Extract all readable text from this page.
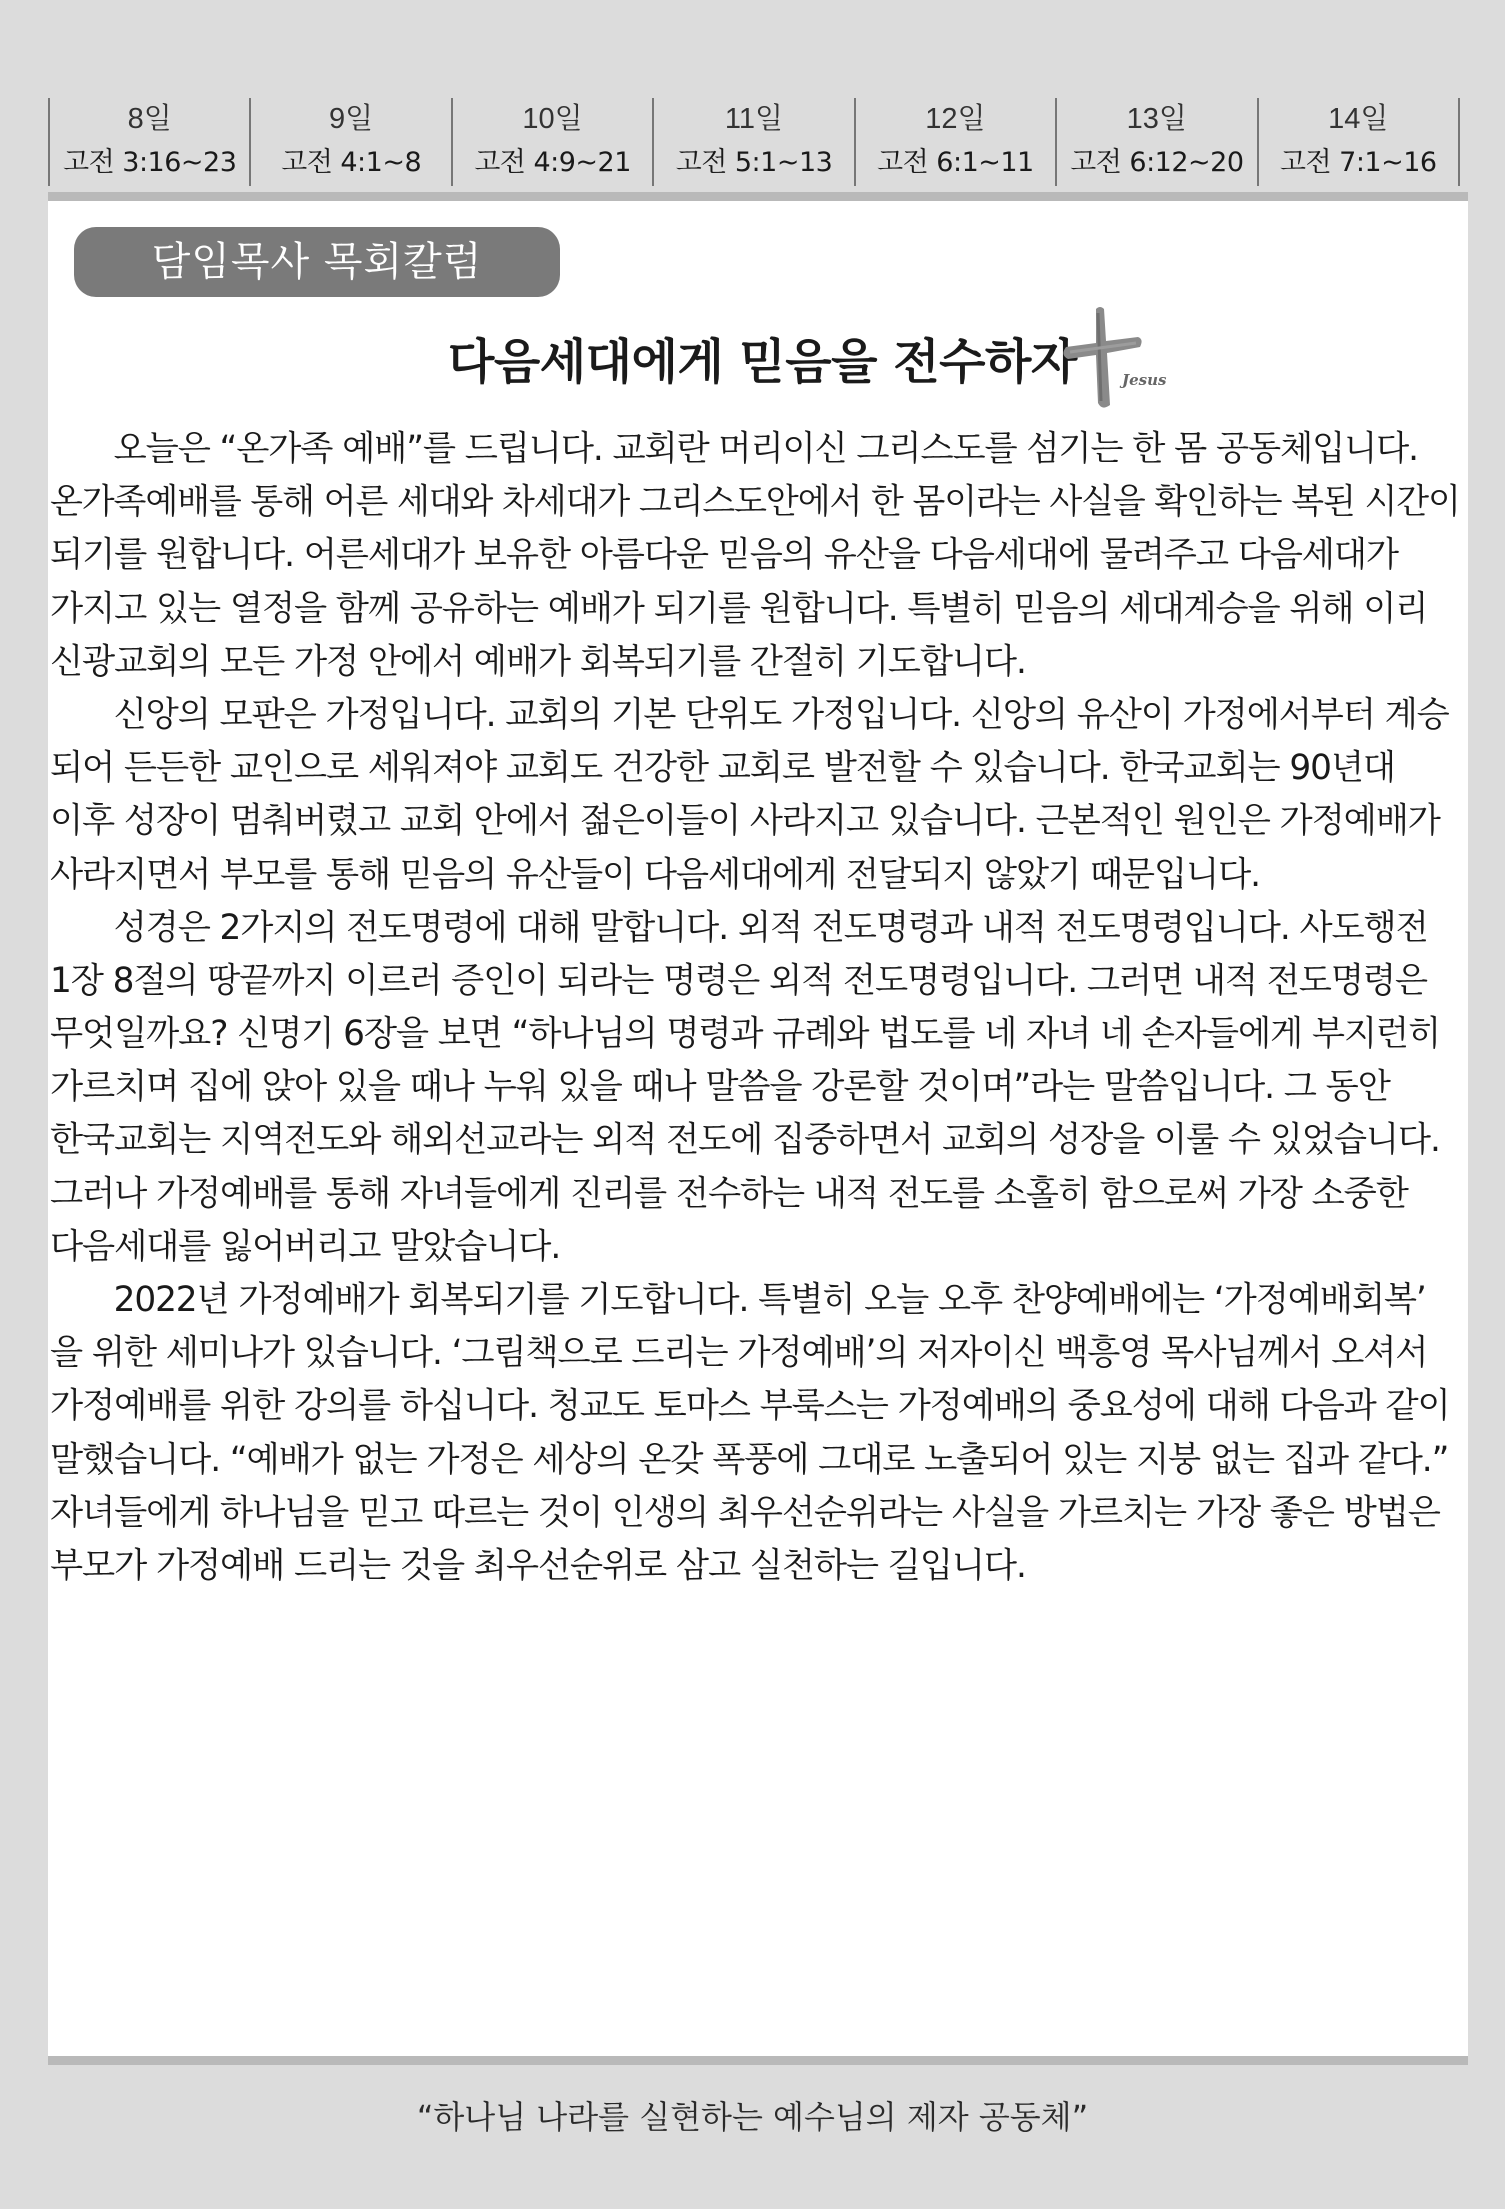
8일
고전 3:16~23
9일
고전 4:1~8
10일
고전 4:9~21
11일
고전 5:1~13
12일
고전 6:1~11
13일
고전 6:12~20
14일
고전 7:1~16
담임목사 목회칼럼
다음세대에게 믿음을 전수하자	Jesus
오늘은 “온가족 예배”를 드립니다. 교회란 머리이신 그리스도를 섬기는 한 몸 공동체입니다.
온가족예배를 통해 어른 세대와 차세대가 그리스도안에서 한 몸이라는 사실을 확인하는 복된 시간이
되기를 원합니다. 어른세대가 보유한 아름다운 믿음의 유산을 다음세대에 물려주고 다음세대가
가지고 있는 열정을 함께 공유하는 예배가 되기를 원합니다. 특별히 믿음의 세대계승을 위해 이리
신광교회의 모든 가정 안에서 예배가 회복되기를 간절히 기도합니다.
신앙의 모판은 가정입니다. 교회의 기본 단위도 가정입니다. 신앙의 유산이 가정에서부터 계승
되어 든든한 교인으로 세워져야 교회도 건강한 교회로 발전할 수 있습니다. 한국교회는 90년대
이후 성장이 멈춰버렸고 교회 안에서 젊은이들이 사라지고 있습니다. 근본적인 원인은 가정예배가
사라지면서 부모를 통해 믿음의 유산들이 다음세대에게 전달되지 않았기 때문입니다.
성경은 2가지의 전도명령에 대해 말합니다. 외적 전도명령과 내적 전도명령입니다. 사도행전
1장 8절의 땅끝까지 이르러 증인이 되라는 명령은 외적 전도명령입니다. 그러면 내적 전도명령은
무엇일까요? 신명기 6장을 보면 “하나님의 명령과 규례와 법도를 네 자녀 네 손자들에게 부지런히
가르치며 집에 앉아 있을 때나 누워 있을 때나 말씀을 강론할 것이며”라는 말씀입니다. 그 동안
한국교회는 지역전도와 해외선교라는 외적 전도에 집중하면서 교회의 성장을 이룰 수 있었습니다.
그러나 가정예배를 통해 자녀들에게 진리를 전수하는 내적 전도를 소홀히 함으로써 가장 소중한
다음세대를 잃어버리고 말았습니다.
2022년 가정예배가 회복되기를 기도합니다. 특별히 오늘 오후 찬양예배에는 ‘가정예배회복’
을 위한 세미나가 있습니다. ‘그림책으로 드리는 가정예배’의 저자이신 백흥영 목사님께서 오셔서
가정예배를 위한 강의를 하십니다. 청교도 토마스 부룩스는 가정예배의 중요성에 대해 다음과 같이
말했습니다. “예배가 없는 가정은 세상의 온갖 폭풍에 그대로 노출되어 있는 지붕 없는 집과 같다.”
자녀들에게 하나님을 믿고 따르는 것이 인생의 최우선순위라는 사실을 가르치는 가장 좋은 방법은
부모가 가정예배 드리는 것을 최우선순위로 삼고 실천하는 길입니다.
“하나님 나라를 실현하는 예수님의 제자 공동체”
